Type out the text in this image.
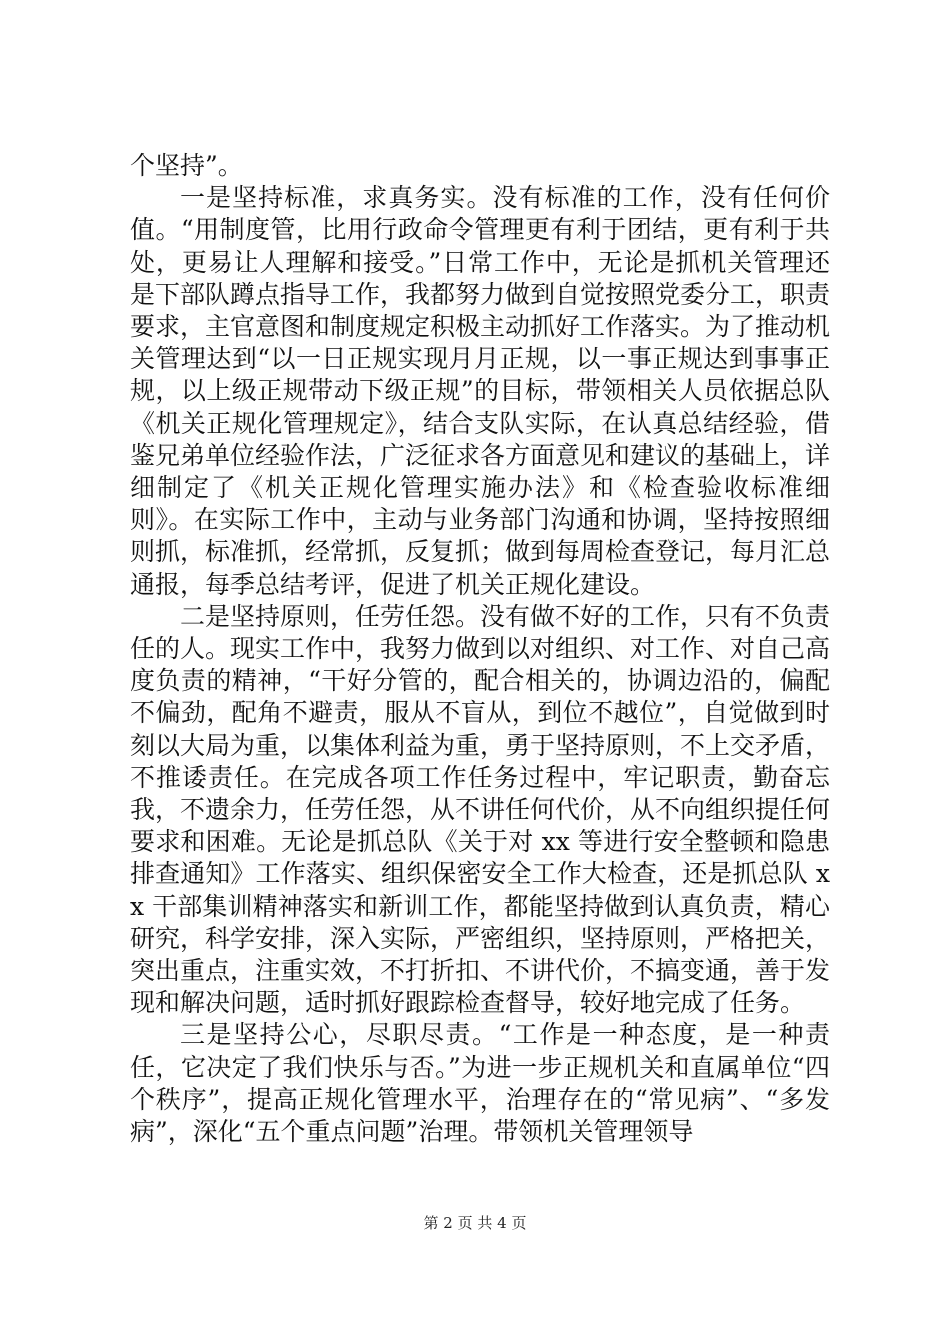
个坚持”。

一是坚持标准，求真务实。没有标准的工作，没有任何价值。“用制度管，比用行政命令管理更有利于团结，更有利于共处，更易让人理解和接受。”日常工作中，无论是抓机关管理还是下部队蹲点指导工作，我都努力做到自觉按照党委分工，职责要求，主官意图和制度规定积极主动抓好工作落实。为了推动机关管理达到“以一日正规实现月月正规，以一事正规达到事事正规，以上级正规带动下级正规”的目标，带领相关人员依据总队《机关正规化管理规定》，结合支队实际，在认真总结经验，借鉴兄弟单位经验作法，广泛征求各方面意见和建议的基础上，详细制定了《机关正规化管理实施办法》和《检查验收标准细则》。在实际工作中，主动与业务部门沟通和协调，坚持按照细则抓，标准抓，经常抓，反复抓；做到每周检查登记，每月汇总通报，每季总结考评，促进了机关正规化建设。

二是坚持原则，任劳任怨。没有做不好的工作，只有不负责任的人。现实工作中，我努力做到以对组织、对工作、对自己高度负责的精神，“干好分管的，配合相关的，协调边沿的，偏配不偏劲，配角不避责，服从不盲从，到位不越位”，自觉做到时刻以大局为重，以集体利益为重，勇于坚持原则，不上交矛盾，不推诿责任。在完成各项工作任务过程中，牢记职责，勤奋忘我，不遗余力，任劳任怨，从不讲任何代价，从不向组织提任何要求和困难。无论是抓总队《关于对 xx 等进行安全整顿和隐患排查通知》工作落实、组织保密安全工作大检查，还是抓总队 xx 干部集训精神落实和新训工作，都能坚持做到认真负责，精心研究，科学安排，深入实际，严密组织，坚持原则，严格把关，突出重点，注重实效，不打折扣、不讲代价，不搞变通，善于发现和解决问题，适时抓好跟踪检查督导，较好地完成了任务。

三是坚持公心，尽职尽责。“工作是一种态度，是一种责任，它决定了我们快乐与否。”为进一步正规机关和直属单位“四个秩序”，提高正规化管理水平，治理存在的“常见病”、“多发病”，深化“五个重点问题”治理。带领机关管理领导

第 2 页 共 4 页
